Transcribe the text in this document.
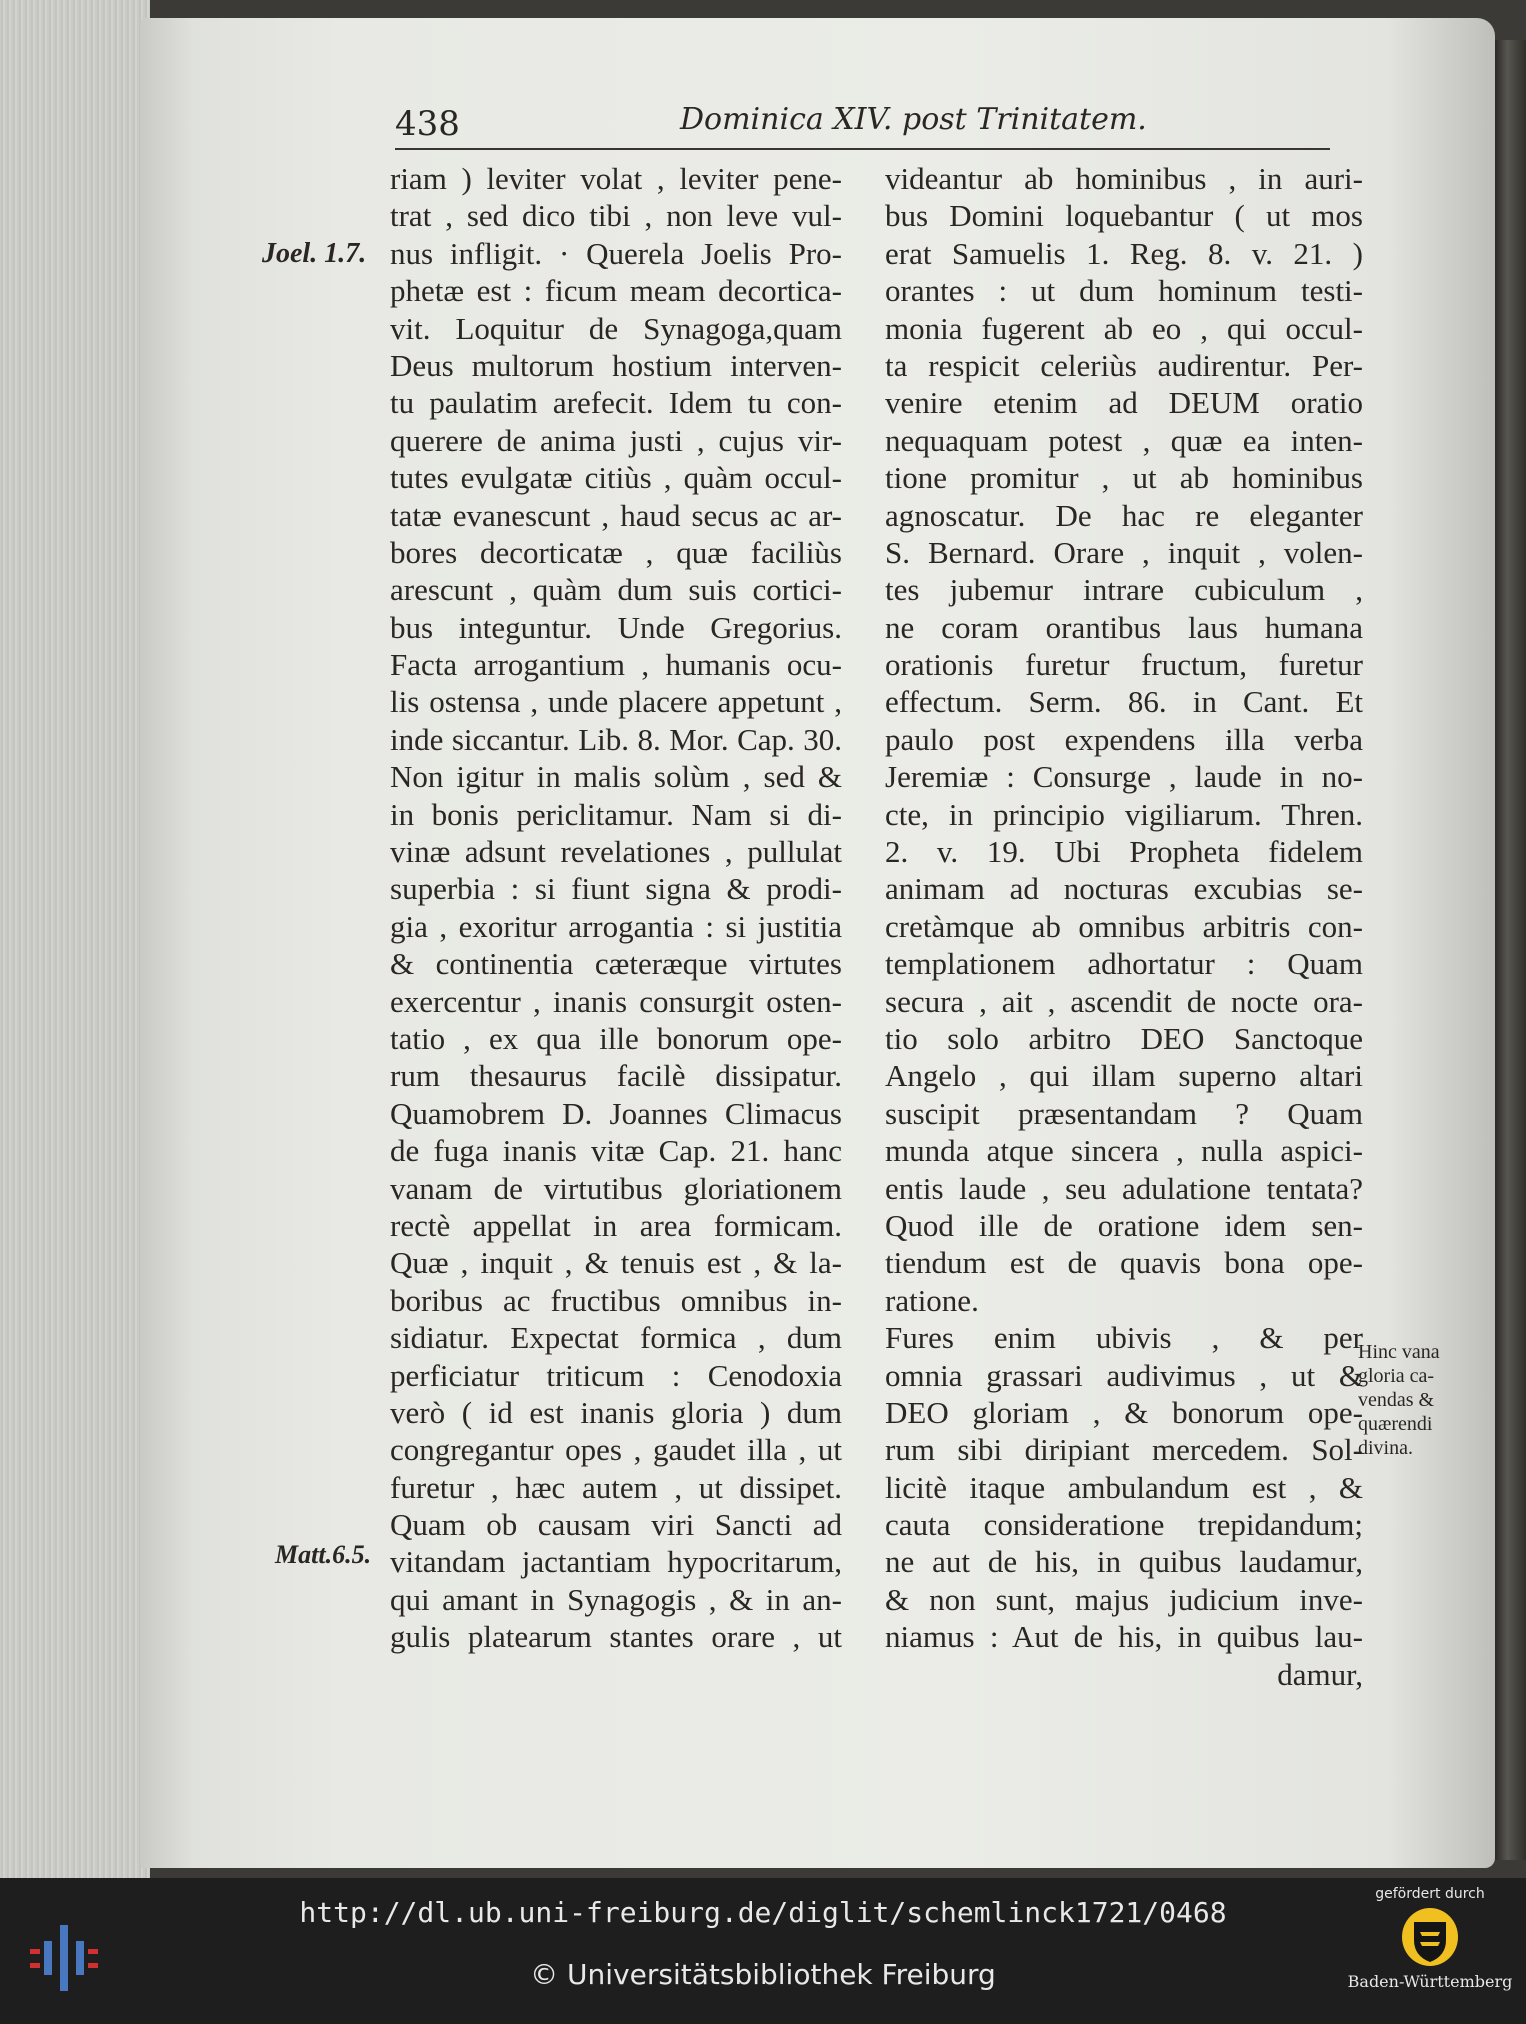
438	Dominica XIV. post Trinitatem.
Joel. 1.7.
Matt.6.5.
Hinc vana
gloria ca-
vendas &
quærendi
divina.
riam ) leviter volat , leviter pene-
trat , sed dico tibi , non leve vul-
nus infligit. · Querela Joelis Pro-
phetæ est : ficum meam decortica-
vit. Loquitur de Synagoga,quam
Deus multorum hostium interven-
tu paulatim arefecit. Idem tu con-
querere de anima justi , cujus vir-
tutes evulgatæ citiùs , quàm occul-
tatæ evanescunt , haud secus ac ar-
bores decorticatæ , quæ faciliùs
arescunt , quàm dum suis cortici-
bus integuntur. Unde Gregorius.
Facta arrogantium , humanis ocu-
lis ostensa , unde placere appetunt ,
inde siccantur. Lib. 8. Mor. Cap. 30.
Non igitur in malis solùm , sed &
in bonis periclitamur. Nam si di-
vinæ adsunt revelationes , pullulat
superbia : si fiunt signa & prodi-
gia , exoritur arrogantia : si justitia
& continentia cæteræque virtutes
exercentur , inanis consurgit osten-
tatio , ex qua ille bonorum ope-
rum thesaurus facilè dissipatur.
Quamobrem D. Joannes Climacus
de fuga inanis vitæ Cap. 21. hanc
vanam de virtutibus gloriationem
rectè appellat in area formicam.
Quæ , inquit , & tenuis est , & la-
boribus ac fructibus omnibus in-
sidiatur. Expectat formica , dum
perficiatur triticum : Cenodoxia
verò ( id est inanis gloria ) dum
congregantur opes , gaudet illa , ut
furetur , hæc autem , ut dissipet.
Quam ob causam viri Sancti ad
vitandam jactantiam hypocritarum,
qui amant in Synagogis , & in an-
gulis platearum stantes orare , ut
videantur ab hominibus , in auri-
bus Domini loquebantur ( ut mos
erat Samuelis 1. Reg. 8. v. 21. )
orantes : ut dum hominum testi-
monia fugerent ab eo , qui occul-
ta respicit celeriùs audirentur. Per-
venire etenim ad DEUM oratio
nequaquam potest , quæ ea inten-
tione promitur , ut ab hominibus
agnoscatur. De hac re eleganter
S. Bernard. Orare , inquit , volen-
tes jubemur intrare cubiculum ,
ne coram orantibus laus humana
orationis furetur fructum, furetur
effectum. Serm. 86. in Cant. Et
paulo post expendens illa verba
Jeremiæ : Consurge , laude in no-
cte, in principio vigiliarum. Thren.
2. v. 19. Ubi Propheta fidelem
animam ad nocturas excubias se-
cretàmque ab omnibus arbitris con-
templationem adhortatur : Quam
secura , ait , ascendit de nocte ora-
tio solo arbitro DEO Sanctoque
Angelo , qui illam superno altari
suscipit præsentandam ? Quam
munda atque sincera , nulla aspici-
entis laude , seu adulatione tentata?
Quod ille de oratione idem sen-
tiendum est de quavis bona ope-
ratione.
Fures enim ubivis , & per
omnia grassari audivimus , ut &
DEO gloriam , & bonorum ope-
rum sibi diripiant mercedem. Sol-
licitè itaque ambulandum est , &
cauta consideratione trepidandum;
ne aut de his, in quibus laudamur,
& non sunt, majus judicium inve-
niamus : Aut de his, in quibus lau-
damur,
http://dl.ub.uni-freiburg.de/diglit/schemlinck1721/0468
© Universitätsbibliothek Freiburg
gefördert durch
Baden-Württemberg
